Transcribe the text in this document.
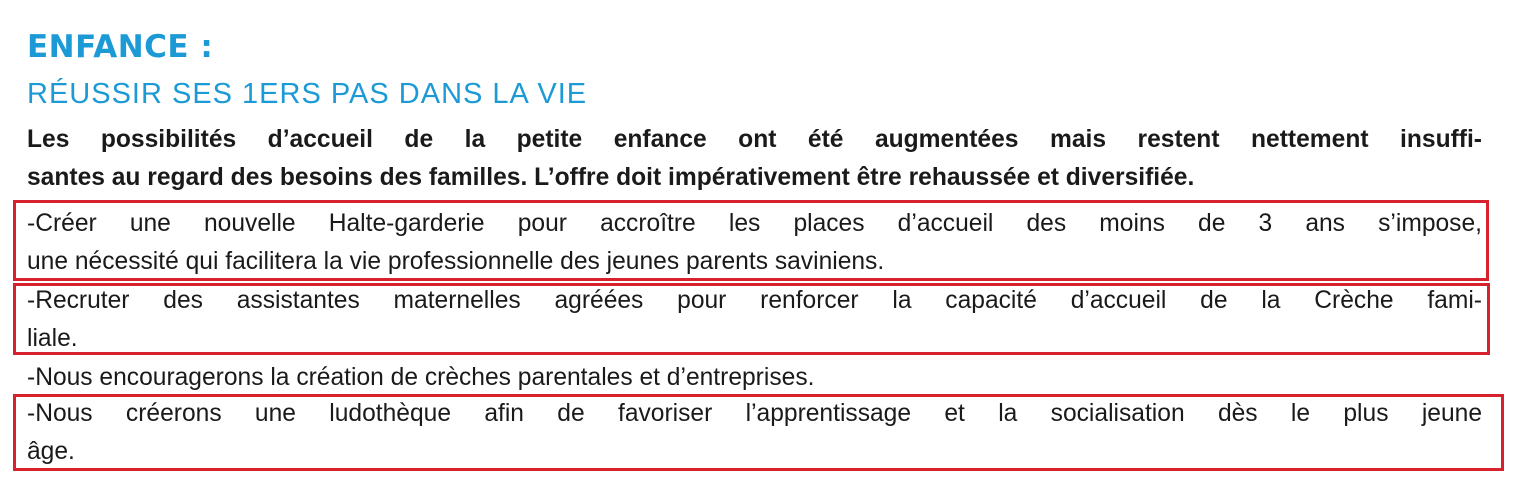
ENFANCE :
RÉUSSIR SES 1ERS PAS DANS LA VIE
Les possibilités d’accueil de la petite enfance ont été augmentées mais restent nettement insuffi-
santes au regard des besoins des familles. L’offre doit impérativement être rehaussée et diversifiée.
-Créer une nouvelle Halte-garderie pour accroître les places d’accueil des moins de 3 ans s’impose,
une nécessité qui facilitera la vie professionnelle des jeunes parents saviniens.
-Recruter des assistantes maternelles agréées pour renforcer la capacité d’accueil de la Crèche fami-
liale.
-Nous encouragerons la création de crèches parentales et d’entreprises.
-Nous créerons une ludothèque afin de favoriser l’apprentissage et la socialisation dès le plus jeune
âge.
